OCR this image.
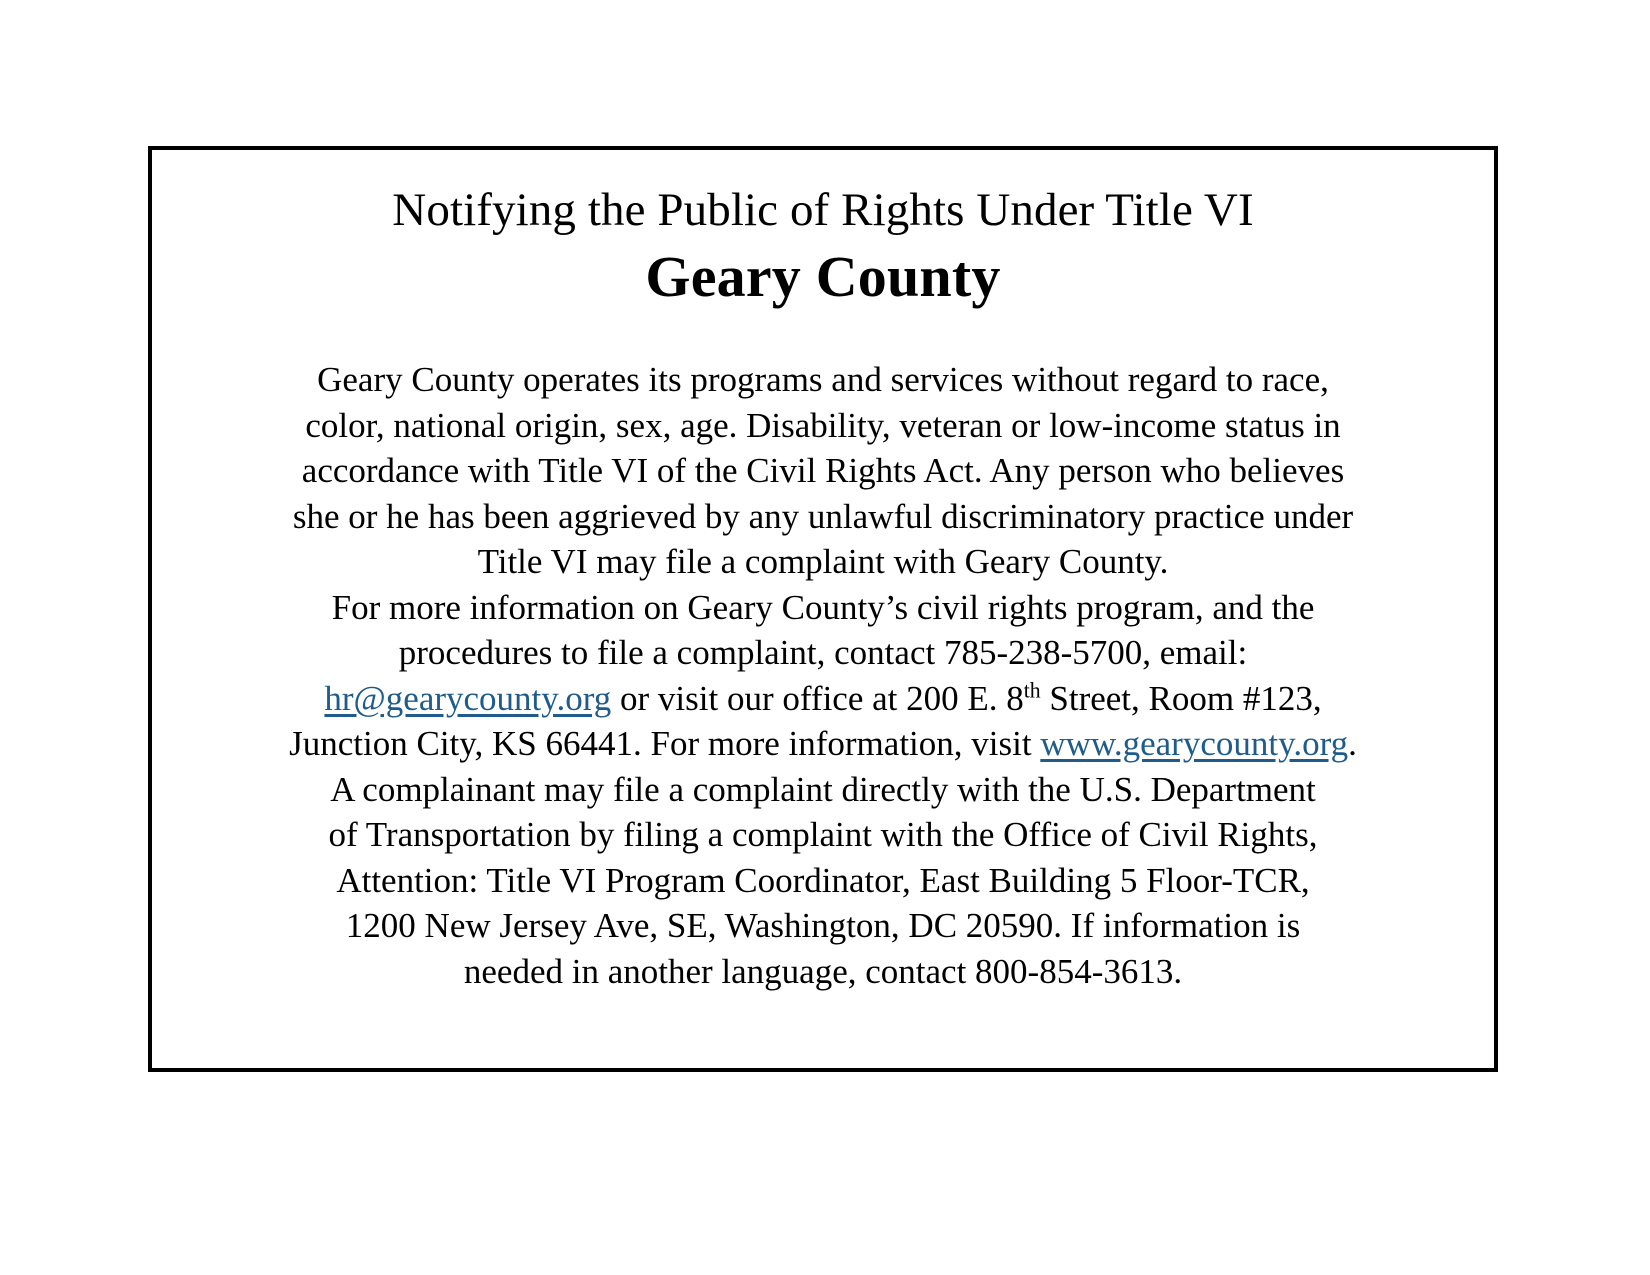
Notifying the Public of Rights Under Title VI
Geary County
Geary County operates its programs and services without regard to race,
color, national origin, sex, age. Disability, veteran or low-income status in
accordance with Title VI of the Civil Rights Act. Any person who believes
she or he has been aggrieved by any unlawful discriminatory practice under
Title VI may file a complaint with Geary County.
For more information on Geary County’s civil rights program, and the
procedures to file a complaint, contact 785-238-5700, email:
hr@gearycounty.org or visit our office at 200 E. 8th Street, Room #123,
Junction City, KS 66441. For more information, visit www.gearycounty.org.
A complainant may file a complaint directly with the U.S. Department
of Transportation by filing a complaint with the Office of Civil Rights,
Attention: Title VI Program Coordinator, East Building 5 Floor-TCR,
1200 New Jersey Ave, SE, Washington, DC 20590. If information is
needed in another language, contact 800-854-3613.
